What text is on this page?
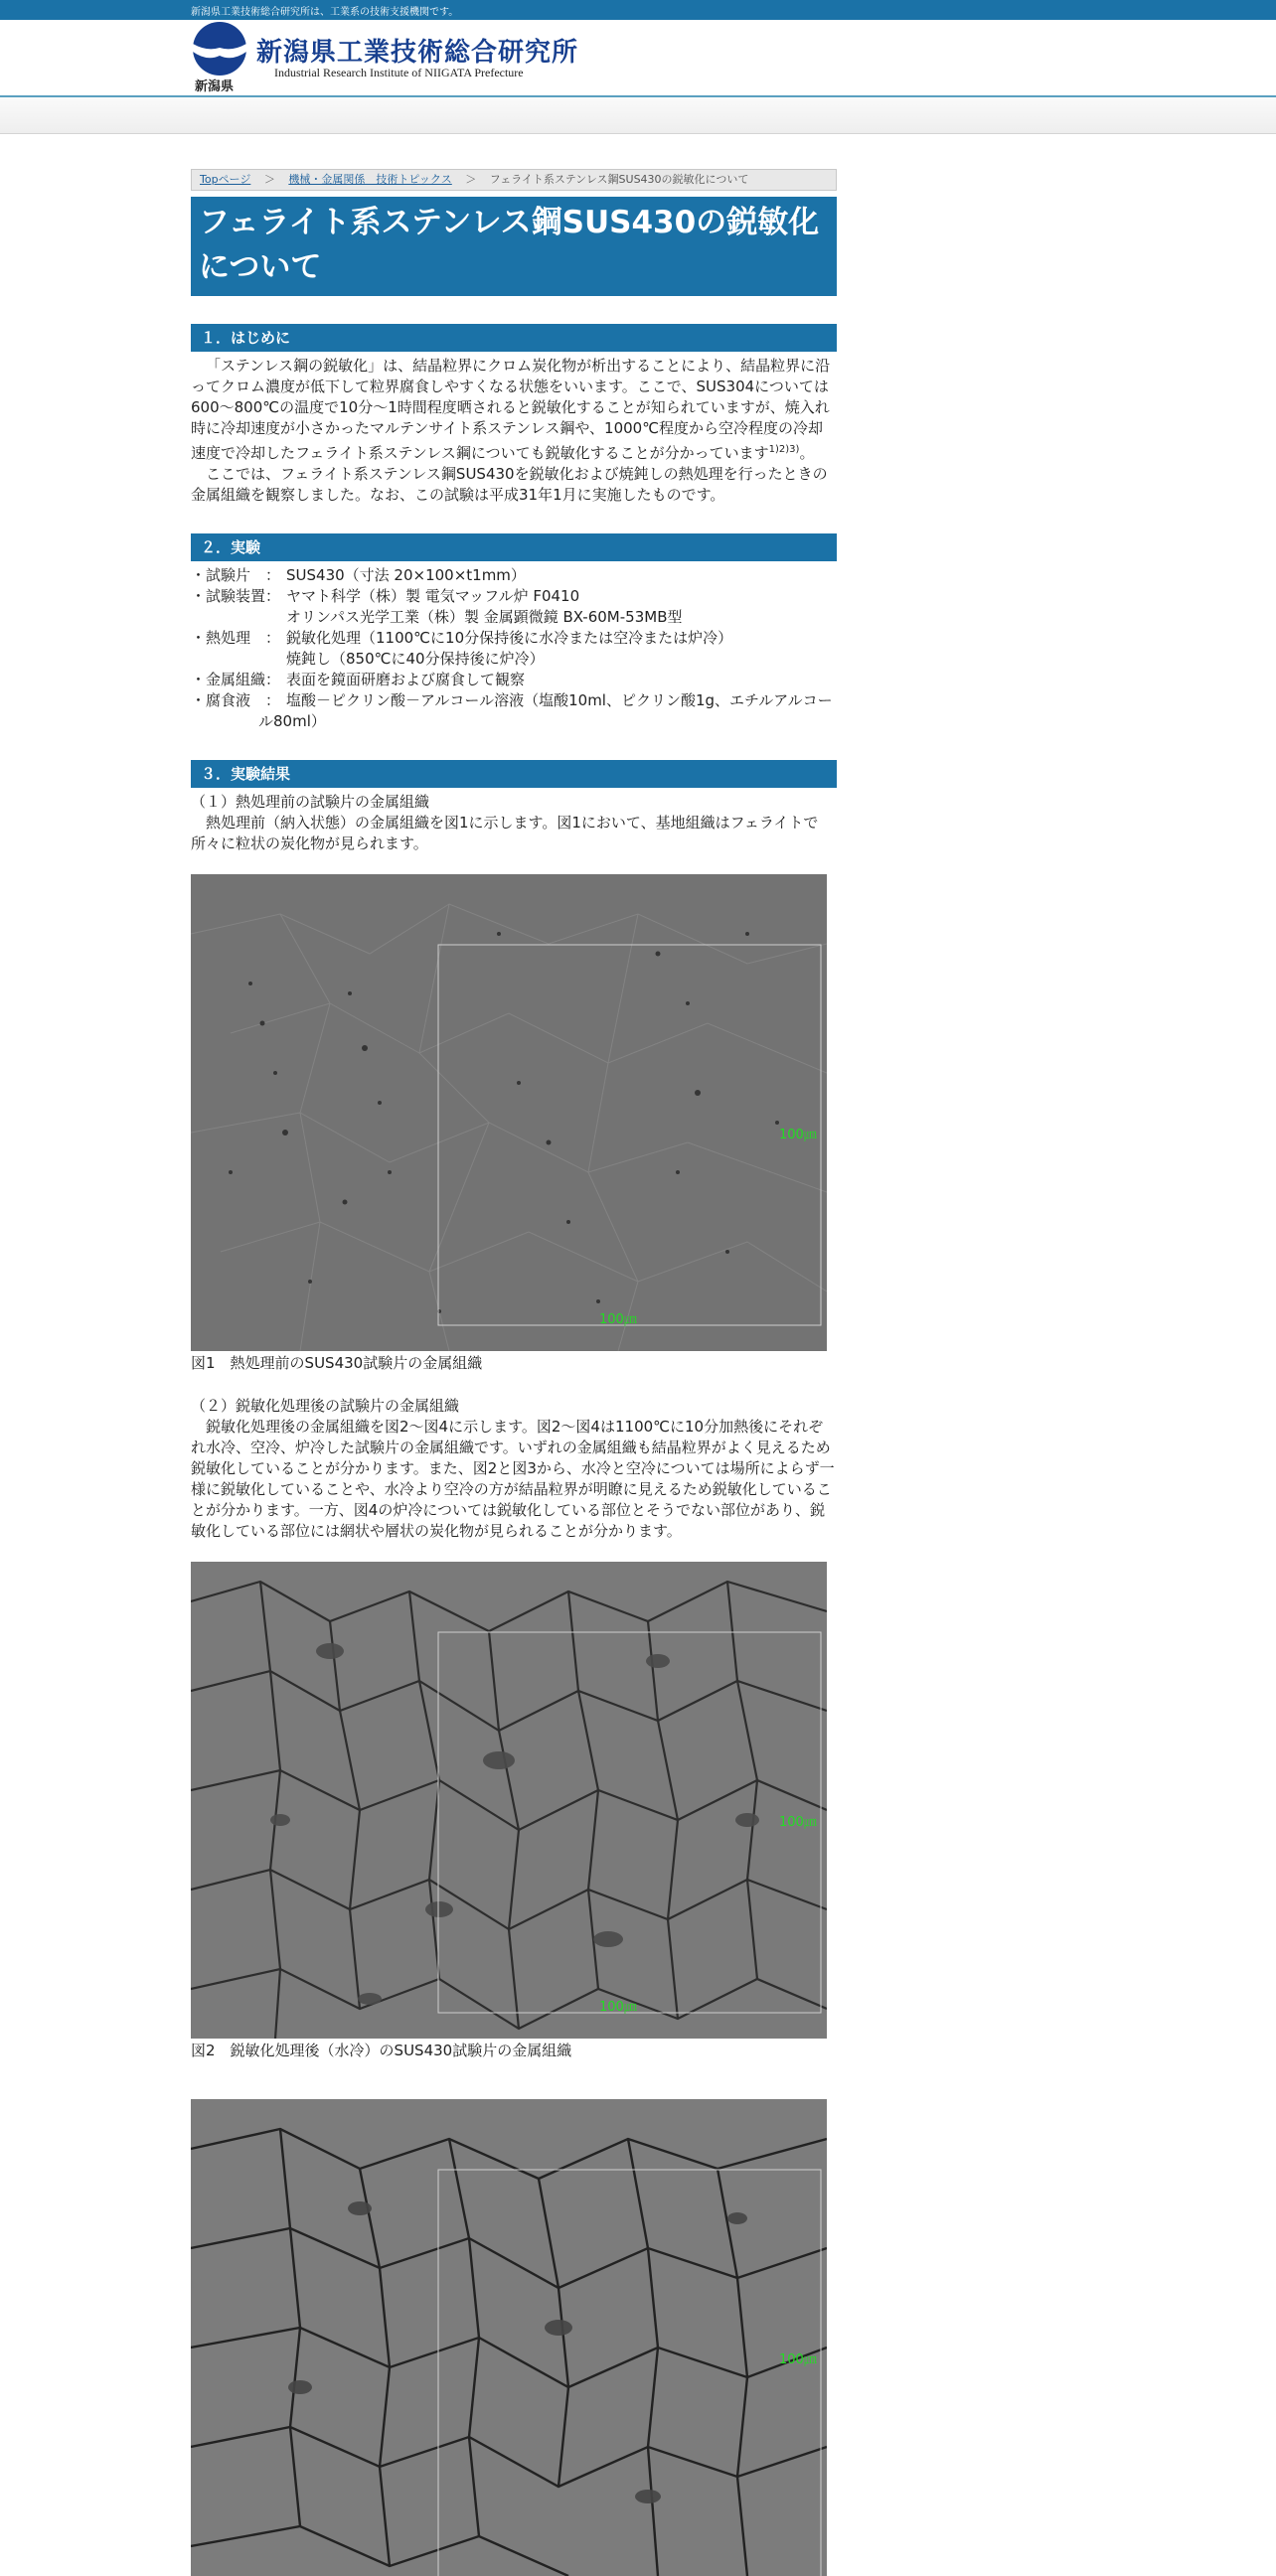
新潟県工業技術総合研究所は、工業系の技術支援機関です。
新潟県
新潟県工業技術総合研究所
Industrial Research Institute of NIIGATA Prefecture
Topページ ＞ 機械・金属関係　技術トピックス ＞ フェライト系ステンレス鋼SUS430の鋭敏化について
フェライト系ステンレス鋼SUS430の鋭敏化について
１．はじめに
「ステンレス鋼の鋭敏化」は、結晶粒界にクロム炭化物が析出することにより、結晶粒界に沿ってクロム濃度が低下して粒界腐食しやすくなる状態をいいます。ここで、SUS304については600～800℃の温度で10分～1時間程度晒されると鋭敏化することが知られていますが、焼入れ時に冷却速度が小さかったマルテンサイト系ステンレス鋼や、1000℃程度から空冷程度の冷却速度で冷却したフェライト系ステンレス鋼についても鋭敏化することが分かっています$^{1)2)3)}$。
ここでは、フェライト系ステンレス鋼SUS430を鋭敏化および焼鈍しの熱処理を行ったときの金属組織を観察しました。なお、この試験は平成31年1月に実施したものです。
２．実験
・試験片　： SUS430（寸法 20×100×t1mm）
・試験装置： ヤマト科学（株）製 電気マッフル炉 F0410
オリンパス光学工業（株）製 金属顕微鏡 BX-60M-53MB型
・熱処理　： 鋭敏化処理（1100℃に10分保持後に水冷または空冷または炉冷）
焼鈍し（850℃に40分保持後に炉冷）
・金属組織： 表面を鏡面研磨および腐食して観察
・腐食液　： 塩酸－ピクリン酸－アルコール溶液（塩酸10ml、ピクリン酸1g、エチルアルコール80ml）
３．実験結果
（１）熱処理前の試験片の金属組織
熱処理前（納入状態）の金属組織を図1に示します。図1において、基地組織はフェライトで所々に粒状の炭化物が見られます。
100㎛
100㎛
図1　熱処理前のSUS430試験片の金属組織
（２）鋭敏化処理後の試験片の金属組織
鋭敏化処理後の金属組織を図2～図4に示します。図2～図4は1100℃に10分加熱後にそれぞれ水冷、空冷、炉冷した試験片の金属組織です。いずれの金属組織も結晶粒界がよく見えるため鋭敏化していることが分かります。また、図2と図3から、水冷と空冷については場所によらず一様に鋭敏化していることや、水冷より空冷の方が結晶粒界が明瞭に見えるため鋭敏化していることが分かります。一方、図4の炉冷については鋭敏化している部位とそうでない部位があり、鋭敏化している部位には網状や層状の炭化物が見られることが分かります。
100㎛
100㎛
図2　鋭敏化処理後（水冷）のSUS430試験片の金属組織
100㎛
